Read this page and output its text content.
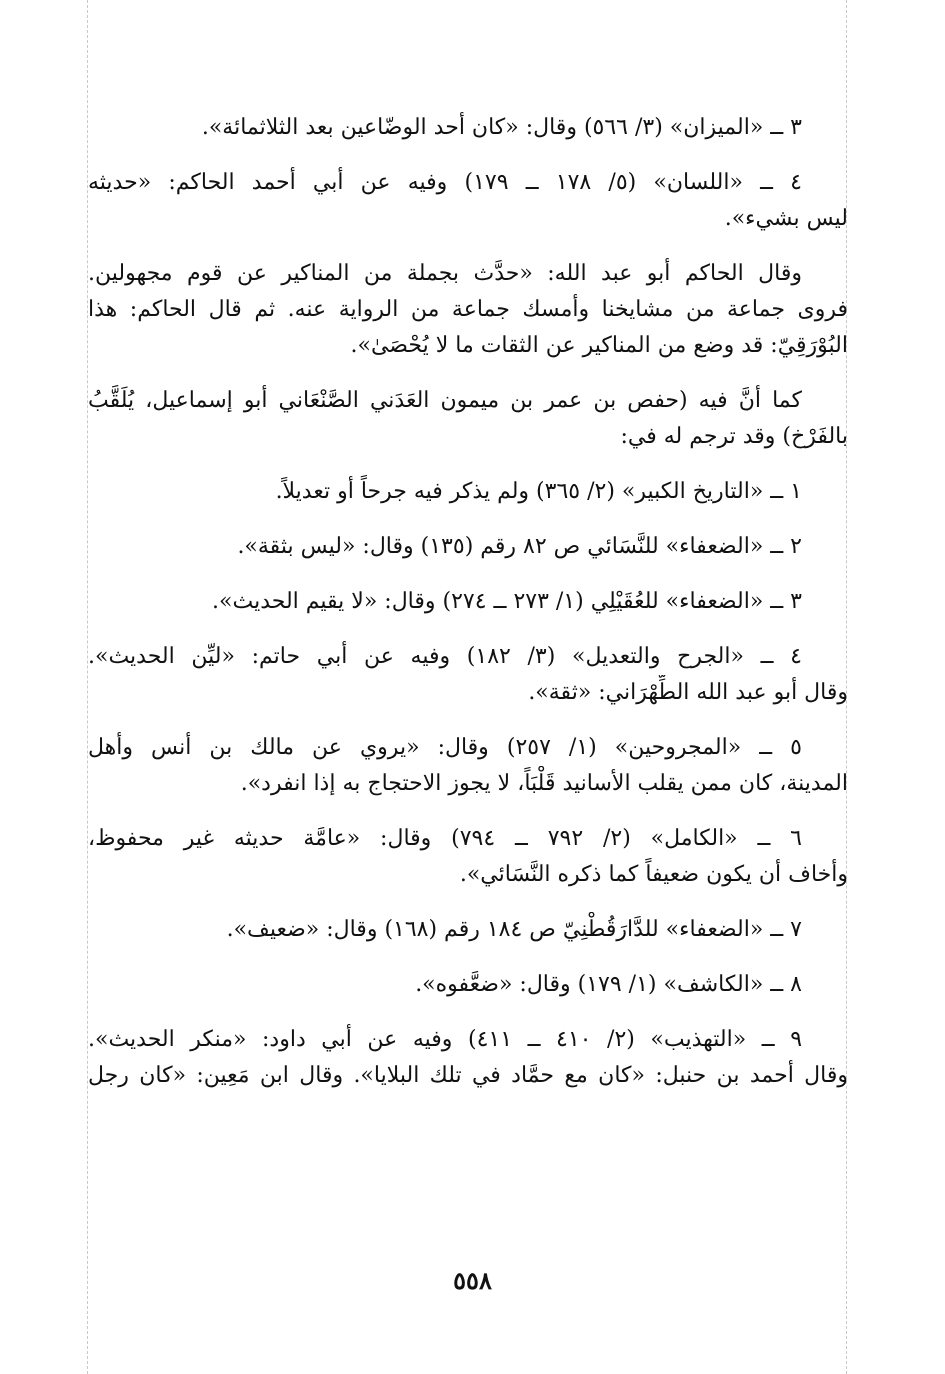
٣ ــ «الميزان» (٣/ ٥٦٦) وقال: «كان أحد الوضّاعين بعد الثلاثمائة».
٤ ــ «اللسان» (٥/ ١٧٨ ــ ١٧٩) وفيه عن أبي أحمد الحاكم: «حديثه
ليس بشيء».
وقال الحاكم أبو عبد الله: «حدَّث بجملة من المناكير عن قوم مجهولين.
فروى جماعة من مشايخنا وأمسك جماعة من الرواية عنه. ثم قال الحاكم: هذا
البُوْرَقِيّ: قد وضع من المناكير عن الثقات ما لا يُحْصَىٰ».
كما أنَّ فيه (حفص بن عمر بن ميمون العَدَني الصَّنْعَاني أبو إسماعيل، يُلَقَّبُ
بالفَرْخ) وقد ترجم له في:
١ ــ «التاريخ الكبير» (٢/ ٣٦٥) ولم يذكر فيه جرحاً أو تعديلاً.
٢ ــ «الضعفاء» للنَّسَائي ص ٨٢ رقم (١٣٥) وقال: «ليس بثقة».
٣ ــ «الضعفاء» للعُقَيْلِي (١/ ٢٧٣ ــ ٢٧٤) وقال: «لا يقيم الحديث».
٤ ــ «الجرح والتعديل» (٣/ ١٨٢) وفيه عن أبي حاتم: «ليِّن الحديث».
وقال أبو عبد الله الطِّهْرَاني: «ثقة».
٥ ــ «المجروحين» (١/ ٢٥٧) وقال: «يروي عن مالك بن أنس وأهل
المدينة، كان ممن يقلب الأسانيد قَلْبَاً، لا يجوز الاحتجاج به إذا انفرد».
٦ ــ «الكامل» (٢/ ٧٩٢ ــ ٧٩٤) وقال: «عامَّة حديثه غير محفوظ،
وأخاف أن يكون ضعيفاً كما ذكره النَّسَائي».
٧ ــ «الضعفاء» للدَّارَقُطْنِيّ ص ١٨٤ رقم (١٦٨) وقال: «ضعيف».
٨ ــ «الكاشف» (١/ ١٧٩) وقال: «ضعَّفوه».
٩ ــ «التهذيب» (٢/ ٤١٠ ــ ٤١١) وفيه عن أبي داود: «منكر الحديث».
وقال أحمد بن حنبل: «كان مع حمَّاد في تلك البلايا». وقال ابن مَعِين: «كان رجل
٥٥٨
